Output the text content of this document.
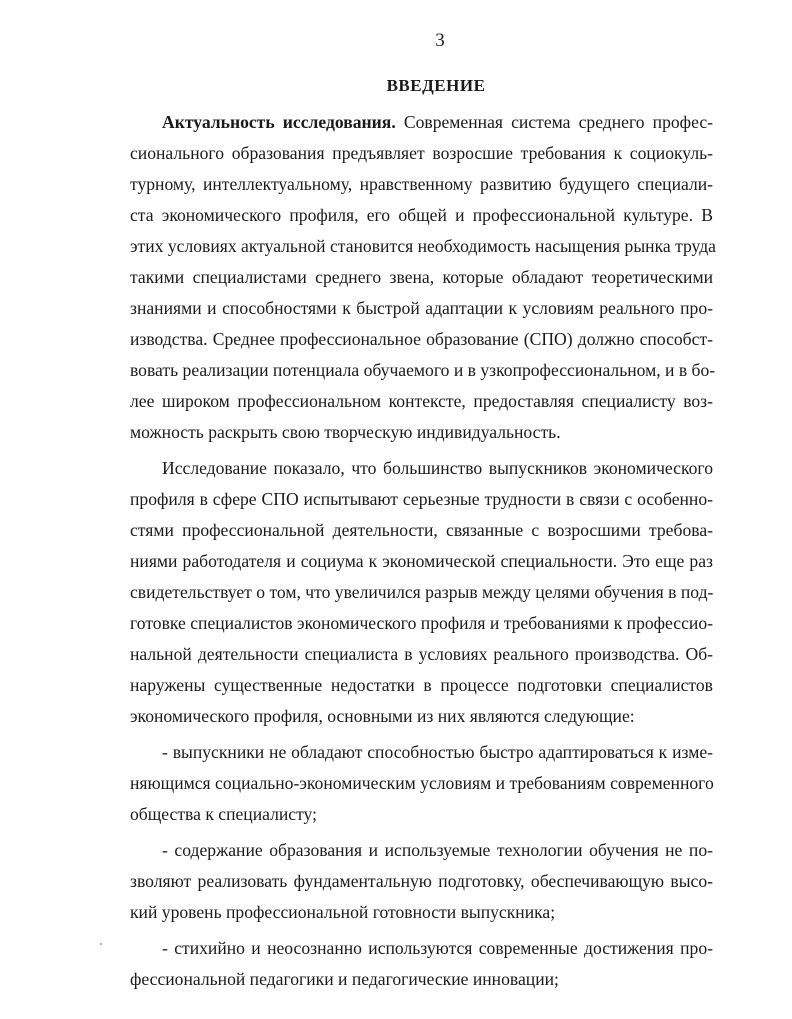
3
ВВЕДЕНИЕ
Актуальность исследования. Современная система среднего профес-
сионального образования предъявляет возросшие требования к социокуль-
турному, интеллектуальному, нравственному развитию будущего специали-
ста экономического профиля, его общей и профессиональной культуре. В
этих условиях актуальной становится необходимость насыщения рынка труда
такими специалистами среднего звена, которые обладают теоретическими
знаниями и способностями к быстрой адаптации к условиям реального про-
изводства. Среднее профессиональное образование (СПО) должно способст-
вовать реализации потенциала обучаемого и в узкопрофессиональном, и в бо-
лее широком профессиональном контексте, предоставляя специалисту воз-
можность раскрыть свою творческую индивидуальность.
Исследование показало, что большинство выпускников экономического
профиля в сфере СПО испытывают серьезные трудности в связи с особенно-
стями профессиональной деятельности, связанные с возросшими требова-
ниями работодателя и социума к экономической специальности. Это еще раз
свидетельствует о том, что увеличился разрыв между целями обучения в под-
готовке специалистов экономического профиля и требованиями к профессио-
нальной деятельности специалиста в условиях реального производства. Об-
наружены существенные недостатки в процессе подготовки специалистов
экономического профиля, основными из них являются следующие:
- выпускники не обладают способностью быстро адаптироваться к изме-
няющимся социально-экономическим условиям и требованиям современного
общества к специалисту;
- содержание образования и используемые технологии обучения не по-
зволяют реализовать фундаментальную подготовку, обеспечивающую высо-
кий уровень профессиональной готовности выпускника;
- стихийно и неосознанно используются современные достижения про-
фессиональной педагогики и педагогические инновации;
